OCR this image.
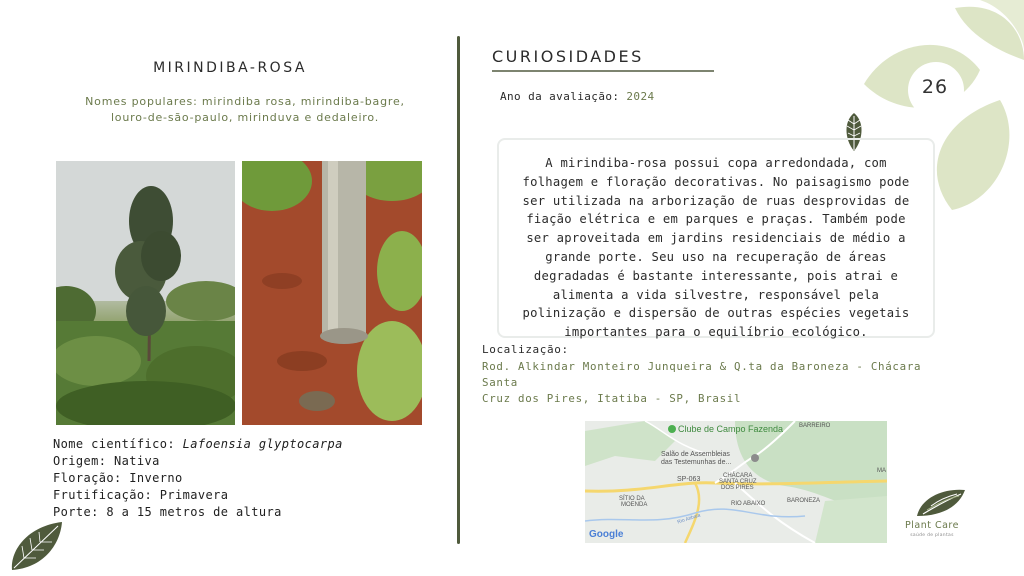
26
MIRINDIBA-ROSA
Nomes populares: mirindiba rosa, mirindiba-bagre,
louro-de-são-paulo, mirinduva e dedaleiro.
Nome científico: Lafoensia glyptocarpa
Origem: Nativa
Floração: Inverno
Frutificação: Primavera
Porte: 8 a 15 metros de altura
CURIOSIDADES
Ano da avaliação: 2024
A mirindiba-rosa possui copa arredondada, com
folhagem e floração decorativas. No paisagismo pode
ser utilizada na arborização de ruas desprovidas de
fiação elétrica e em parques e praças. Também pode
ser aproveitada em jardins residenciais de médio a
grande porte. Seu uso na recuperação de áreas
degradadas é bastante interessante, pois atrai e
alimenta a vida silvestre, responsável pela
polinização e dispersão de outras espécies vegetais
importantes para o equilíbrio ecológico.
Localização:
Rod. Alkindar Monteiro Junqueira & Q.ta da Baroneza - Chácara Santa
Cruz dos Pires, Itatiba - SP, Brasil
Clube de Campo Fazenda
Salão de Assembleias
das Testemunhas de...
SP-063	CHÁCARA
SANTA CRUZ
DOS PIRES
BARREIRO
SÍTIO DA
MOENDA	RIO ABAIXO	BARONEZA
MA
Rio Atibaia
Google
Plant Care
saúde de plantas
